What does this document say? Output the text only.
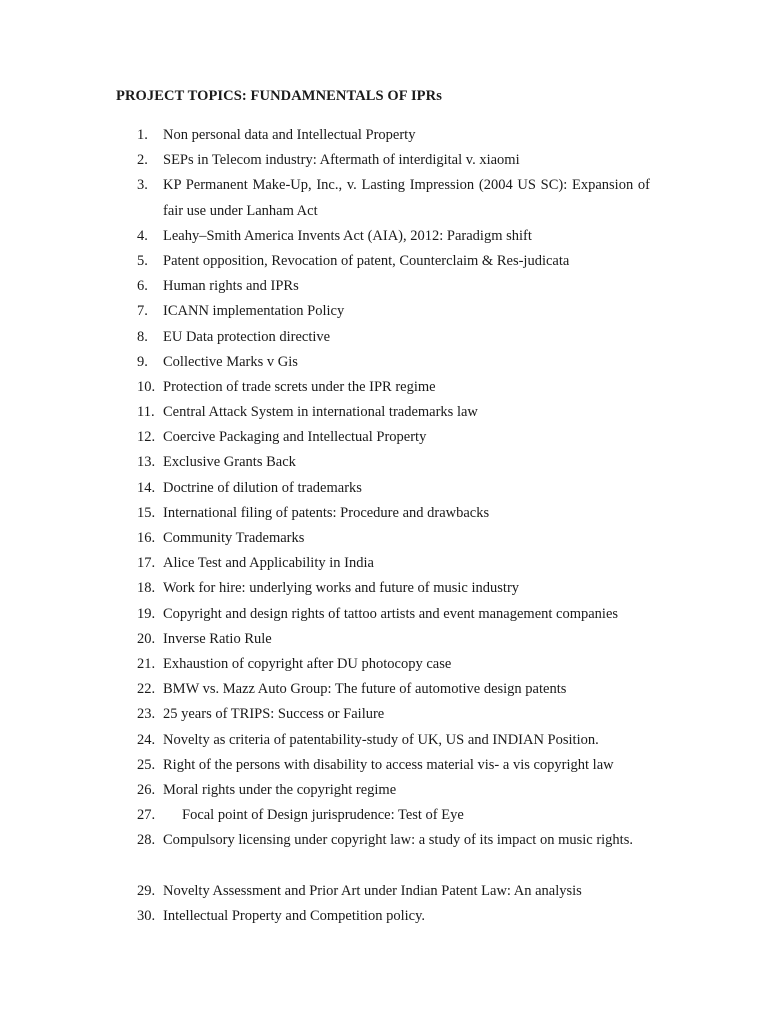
PROJECT TOPICS: FUNDAMNENTALS OF IPRs
1.	Non personal data and Intellectual Property
2.	SEPs in Telecom industry: Aftermath of interdigital v. xiaomi
3.	KP Permanent Make-Up, Inc., v. Lasting Impression (2004 US SC): Expansion of fair use under Lanham Act
4.	Leahy–Smith America Invents Act (AIA), 2012: Paradigm shift
5.	Patent opposition, Revocation of patent, Counterclaim & Res-judicata
6.	Human rights and IPRs
7.	ICANN implementation Policy
8.	EU Data protection directive
9.	Collective Marks v Gis
10. Protection of trade screts under the IPR regime
11. Central Attack System in international trademarks law
12. Coercive Packaging and Intellectual Property
13. Exclusive Grants Back
14. Doctrine of dilution of trademarks
15. International filing of patents: Procedure and drawbacks
16. Community Trademarks
17. Alice Test and Applicability in India
18. Work for hire: underlying works and future of music industry
19. Copyright and design rights of tattoo artists and event management companies
20. Inverse Ratio Rule
21. Exhaustion of copyright after DU photocopy case
22. BMW vs. Mazz Auto Group: The future of automotive design patents
23. 25 years of TRIPS: Success or Failure
24. Novelty as criteria of patentability-study of UK, US and INDIAN Position.
25. Right of the persons with disability to access material vis- a vis copyright law
26. Moral rights under the copyright regime
27.	Focal point of Design jurisprudence: Test of Eye
28. Compulsory licensing under copyright law: a study of its impact on music rights.
29. Novelty Assessment and Prior Art under Indian Patent Law: An analysis
30. Intellectual Property and Competition policy.
